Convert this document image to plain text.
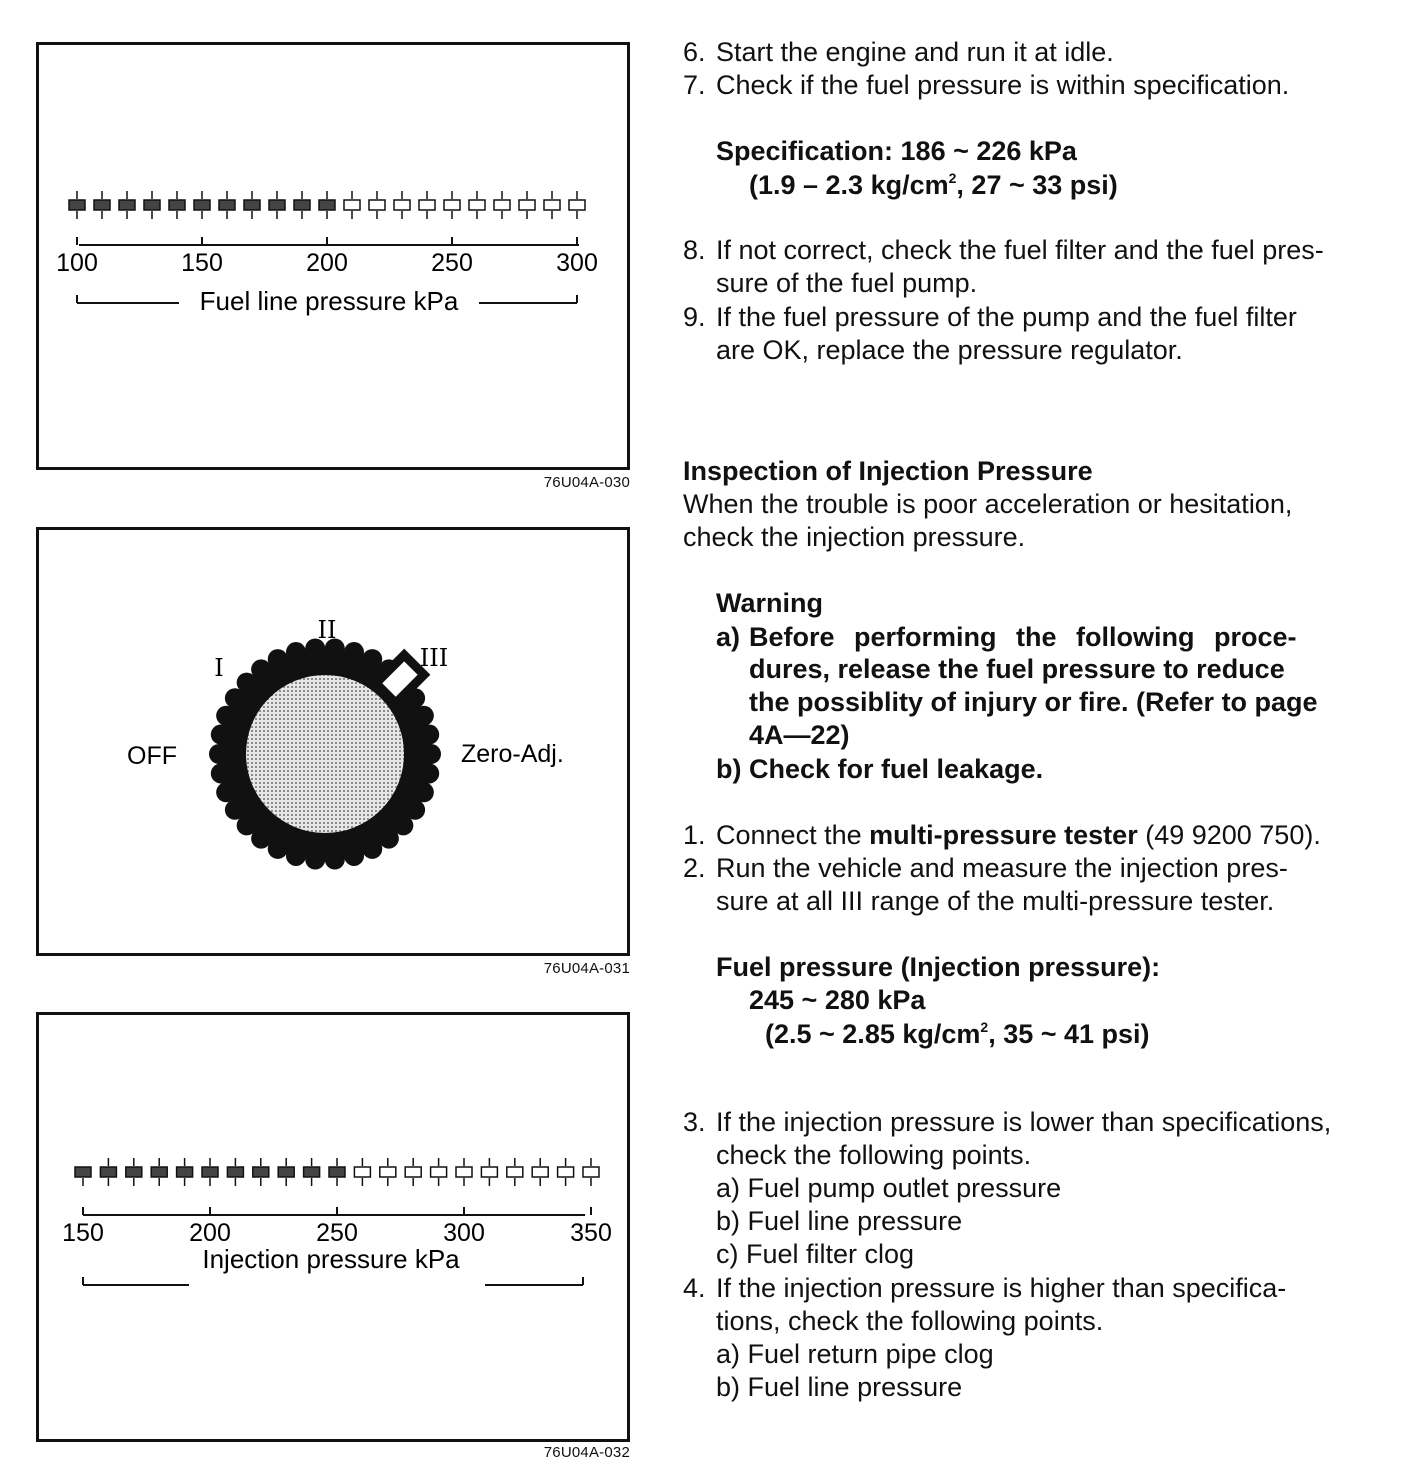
100	150	200	250	300
Fuel line pressure kPa
76U04A-030
I
II
III
OFF	Zero-Adj.
76U04A-031
150	200	250	300	350
Injection pressure kPa
76U04A-032
6. Start the engine and run it at idle.
7. Check if the fuel pressure is within specification.
Specification: 186 ~ 226 kPa
(1.9 – 2.3 $kg/cm^2$, 27 ~ 33 psi)
8. If not correct, check the fuel filter and the fuel pres-
sure of the fuel pump.
9. If the fuel pressure of the pump and the fuel filter
are OK, replace the pressure regulator.
Inspection of Injection Pressure
When the trouble is poor acceleration or hesitation,
check the injection pressure.
Warning
a) Before performing the following proce-
dures, release the fuel pressure to reduce
the possiblity of injury or fire. (Refer to page
4A—22)
b) Check for fuel leakage.
1. Connect the multi-pressure tester (49 9200 750).
2. Run the vehicle and measure the injection pres-
sure at all III range of the multi-pressure tester.
Fuel pressure (Injection pressure):
245 ~ 280 kPa
(2.5 ~ 2.85 $kg/cm^2$, 35 ~ 41 psi)
3. If the injection pressure is lower than specifications,
check the following points.
a) Fuel pump outlet pressure
b) Fuel line pressure
c) Fuel filter clog
4. If the injection pressure is higher than specifica-
tions, check the following points.
a) Fuel return pipe clog
b) Fuel line pressure
